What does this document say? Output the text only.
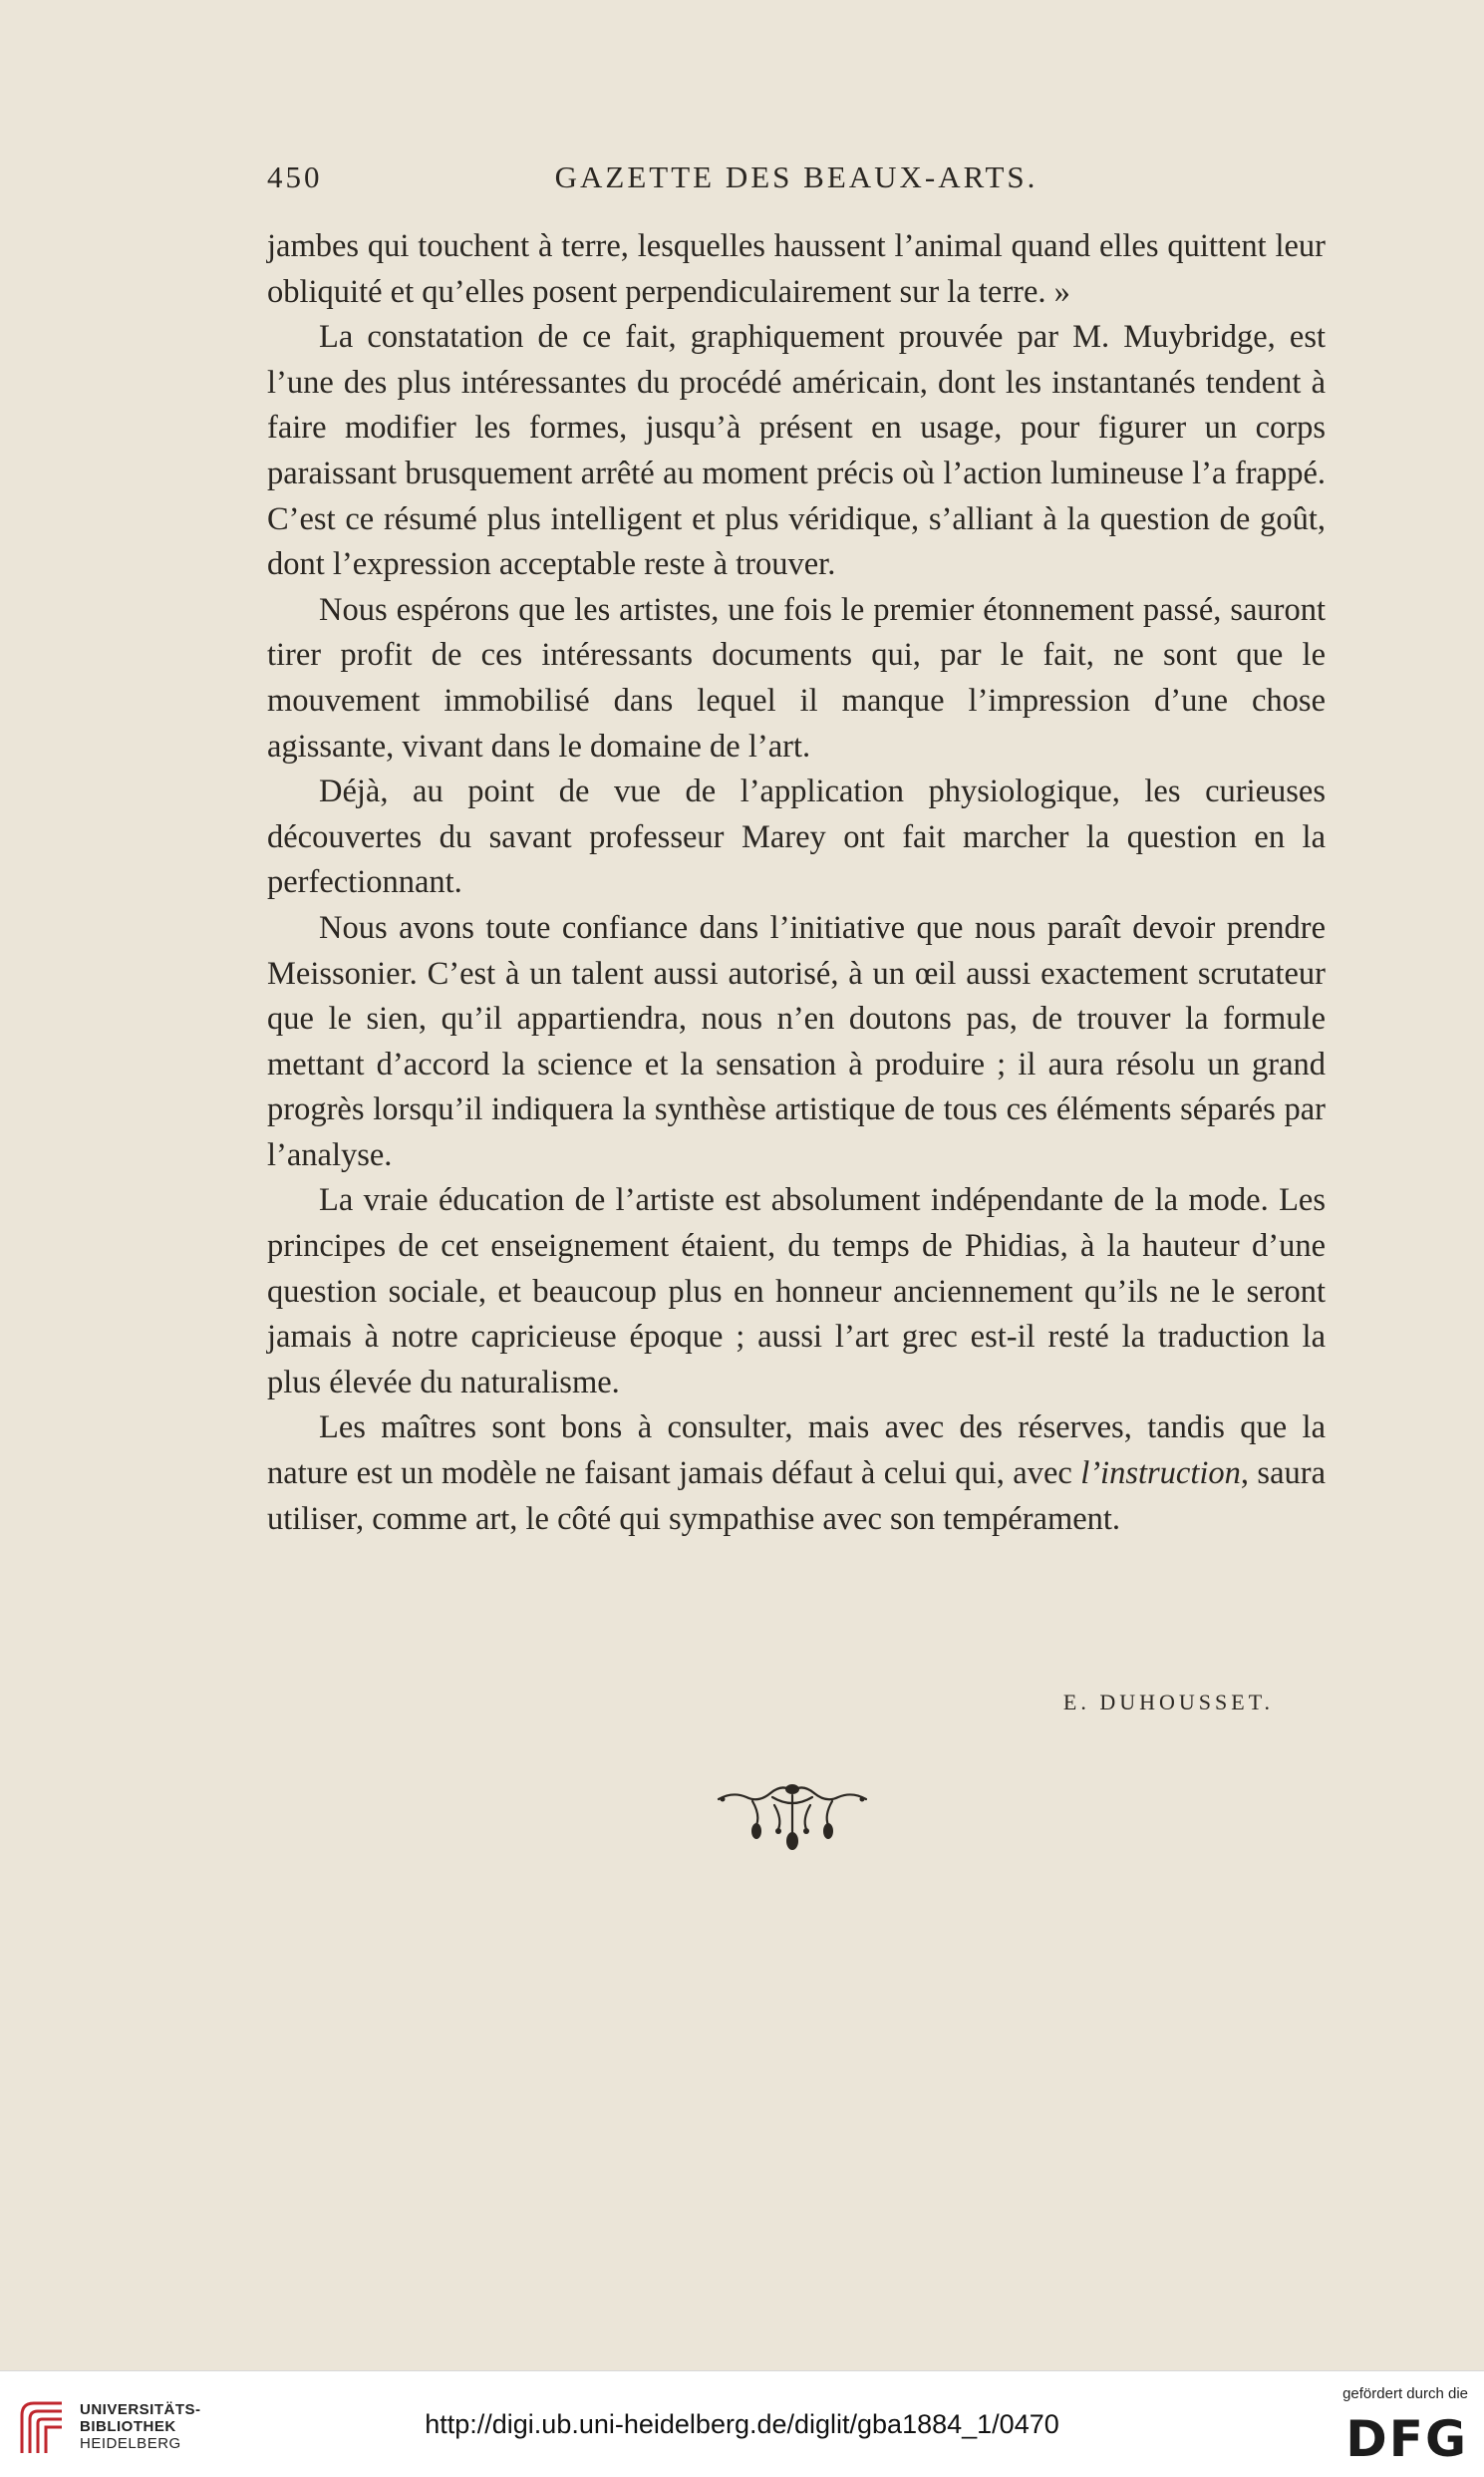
450	GAZETTE DES BEAUX-ARTS.

jambes qui touchent à terre, lesquelles haussent l’animal quand elles quittent leur obliquité et qu’elles posent perpendiculairement sur la terre. »

La constatation de ce fait, graphiquement prouvée par M. Muybridge, est l’une des plus intéressantes du procédé américain, dont les instantanés tendent à faire modifier les formes, jusqu’à présent en usage, pour figurer un corps paraissant brusquement arrêté au moment précis où l’action lumineuse l’a frappé. C’est ce résumé plus intelligent et plus véridique, s’alliant à la question de goût, dont l’expression acceptable reste à trouver.

Nous espérons que les artistes, une fois le premier étonnement passé, sauront tirer profit de ces intéressants documents qui, par le fait, ne sont que le mouvement immobilisé dans lequel il manque l’impression d’une chose agissante, vivant dans le domaine de l’art.

Déjà, au point de vue de l’application physiologique, les curieuses découvertes du savant professeur Marey ont fait marcher la question en la perfectionnant.

Nous avons toute confiance dans l’initiative que nous paraît devoir prendre Meissonier. C’est à un talent aussi autorisé, à un œil aussi exactement scrutateur que le sien, qu’il appartiendra, nous n’en doutons pas, de trouver la formule mettant d’accord la science et la sensation à produire ; il aura résolu un grand progrès lorsqu’il indiquera la synthèse artistique de tous ces éléments séparés par l’analyse.

La vraie éducation de l’artiste est absolument indépendante de la mode. Les principes de cet enseignement étaient, du temps de Phidias, à la hauteur d’une question sociale, et beaucoup plus en honneur anciennement qu’ils ne le seront jamais à notre capricieuse époque ; aussi l’art grec est-il resté la traduction la plus élevée du naturalisme.

Les maîtres sont bons à consulter, mais avec des réserves, tandis que la nature est un modèle ne faisant jamais défaut à celui qui, avec l’instruction, saura utiliser, comme art, le côté qui sympathise avec son tempérament.

E. DUHOUSSET.
UNIVERSITÄTS-
BIBLIOTHEK
HEIDELBERG
http://digi.ub.uni-heidelberg.de/diglit/gba1884_1/0470
gefördert durch die
DFG
